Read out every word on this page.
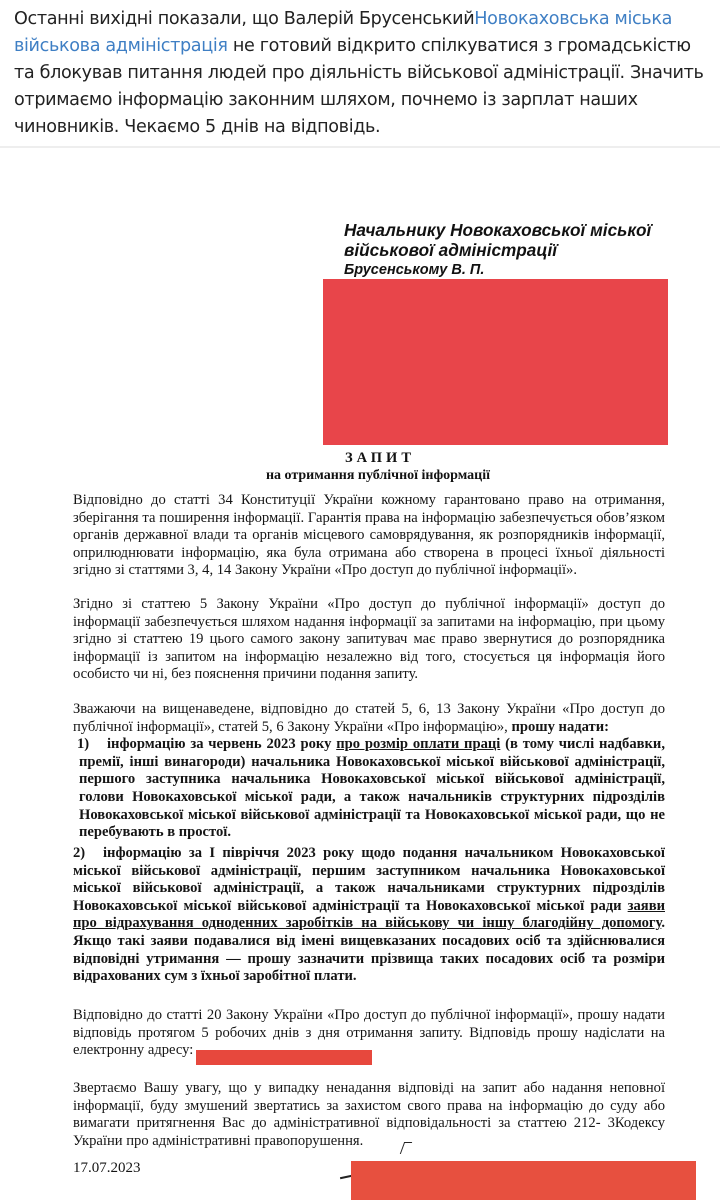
Останні вихідні показали, що Валерій БрусенськийНовокаховська міська військова адміністрація не готовий відкрито спілкуватися з громадськістю та блокував питання людей про діяльність військової адміністрації. Значить отримаємо інформацію законним шляхом, почнемо із зарплат наших чиновників. Чекаємо 5 днів на відповідь.
Начальнику Новокаховської міської
військової адміністрації
Брусенському В. П.
ЗАПИТ
на отримання публічної інформації
Відповідно до статті 34 Конституції України кожному гарантовано право на отримання, зберігання та поширення інформації. Гарантія права на інформацію забезпечується обов’язком органів державної влади та органів місцевого самоврядування, як розпорядників інформації, оприлюднювати інформацію, яка була отримана або створена в процесі їхньої діяльності згідно зі статтями 3, 4, 14 Закону України «Про доступ до публічної інформації».
Згідно зі статтею 5 Закону України «Про доступ до публічної інформації» доступ до інформації забезпечується шляхом надання інформації за запитами на інформацію, при цьому згідно зі статтею 19 цього самого закону запитувач має право звернутися до розпорядника інформації із запитом на інформацію незалежно від того, стосується ця інформація його особисто чи ні, без пояснення причини подання запиту.
Зважаючи на вищенаведене, відповідно до статей 5, 6, 13 Закону України «Про доступ до публічної інформації», статей 5, 6 Закону України «Про інформацію», прошу надати:
1) інформацію за червень 2023 року про розмір оплати праці (в тому числі надбавки, премії, інші винагороди) начальника Новокаховської міської військової адміністрації, першого заступника начальника Новокаховської міської військової адміністрації, голови Новокаховської міської ради, а також начальників структурних підрозділів Новокаховської міської військової адміністрації та Новокаховської міської ради, що не перебувають в простої.
2) інформацію за І півріччя 2023 року щодо подання начальником Новокаховської міської військової адміністрації, першим заступником начальника Новокаховської міської військової адміністрації, а також начальниками структурних підрозділів Новокаховської міської військової адміністрації та Новокаховської міської ради заяви про відрахування одноденних заробітків на військову чи іншу благодійну допомогу. Якщо такі заяви подавалися від імені вищевказаних посадових осіб та здійснювалися відповідні утримання — прошу зазначити прізвища таких посадових осіб та розміри відрахованих сум з їхньої заробітної плати.
Відповідно до статті 20 Закону України «Про доступ до публічної інформації», прошу надати відповідь протягом 5 робочих днів з дня отримання запиту. Відповідь прошу надіслати на електронну адресу:
Звертаємо Вашу увагу, що у випадку ненадання відповіді на запит або надання неповної інформації, буду змушений звертатись за захистом свого права на інформацію до суду або вимагати притягнення Вас до адміністративної відповідальності за статтею 212- 3Кодексу України про адміністративні правопорушення.
17.07.2023
